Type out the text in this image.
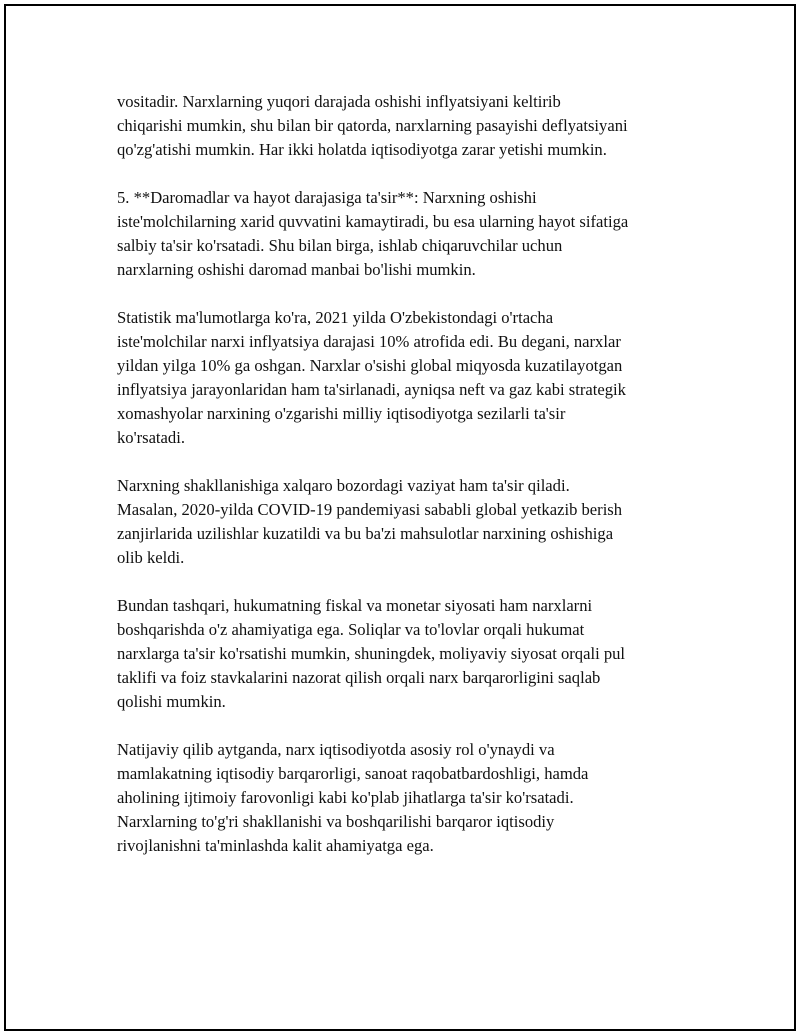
vositadir. Narxlarning yuqori darajada oshishi inflyatsiyani keltirib
chiqarishi mumkin, shu bilan bir qatorda, narxlarning pasayishi deflyatsiyani
qo'zg'atishi mumkin. Har ikki holatda iqtisodiyotga zarar yetishi mumkin.

5. **Daromadlar va hayot darajasiga ta'sir**: Narxning oshishi
iste'molchilarning xarid quvvatini kamaytiradi, bu esa ularning hayot sifatiga
salbiy ta'sir ko'rsatadi. Shu bilan birga, ishlab chiqaruvchilar uchun
narxlarning oshishi daromad manbai bo'lishi mumkin.

Statistik ma'lumotlarga ko'ra, 2021 yilda O'zbekistondagi o'rtacha
iste'molchilar narxi inflyatsiya darajasi 10% atrofida edi. Bu degani, narxlar
yildan yilga 10% ga oshgan. Narxlar o'sishi global miqyosda kuzatilayotgan
inflyatsiya jarayonlaridan ham ta'sirlanadi, ayniqsa neft va gaz kabi strategik
xomashyolar narxining o'zgarishi milliy iqtisodiyotga sezilarli ta'sir
ko'rsatadi.

Narxning shakllanishiga xalqaro bozordagi vaziyat ham ta'sir qiladi.
Masalan, 2020-yilda COVID-19 pandemiyasi sababli global yetkazib berish
zanjirlarida uzilishlar kuzatildi va bu ba'zi mahsulotlar narxining oshishiga
olib keldi.

Bundan tashqari, hukumatning fiskal va monetar siyosati ham narxlarni
boshqarishda o'z ahamiyatiga ega. Soliqlar va to'lovlar orqali hukumat
narxlarga ta'sir ko'rsatishi mumkin, shuningdek, moliyaviy siyosat orqali pul
taklifi va foiz stavkalarini nazorat qilish orqali narx barqarorligini saqlab
qolishi mumkin.

Natijaviy qilib aytganda, narx iqtisodiyotda asosiy rol o'ynaydi va
mamlakatning iqtisodiy barqarorligi, sanoat raqobatbardoshligi, hamda
aholining ijtimoiy farovonligi kabi ko'plab jihatlarga ta'sir ko'rsatadi.
Narxlarning to'g'ri shakllanishi va boshqarilishi barqaror iqtisodiy
rivojlanishni ta'minlashda kalit ahamiyatga ega.
